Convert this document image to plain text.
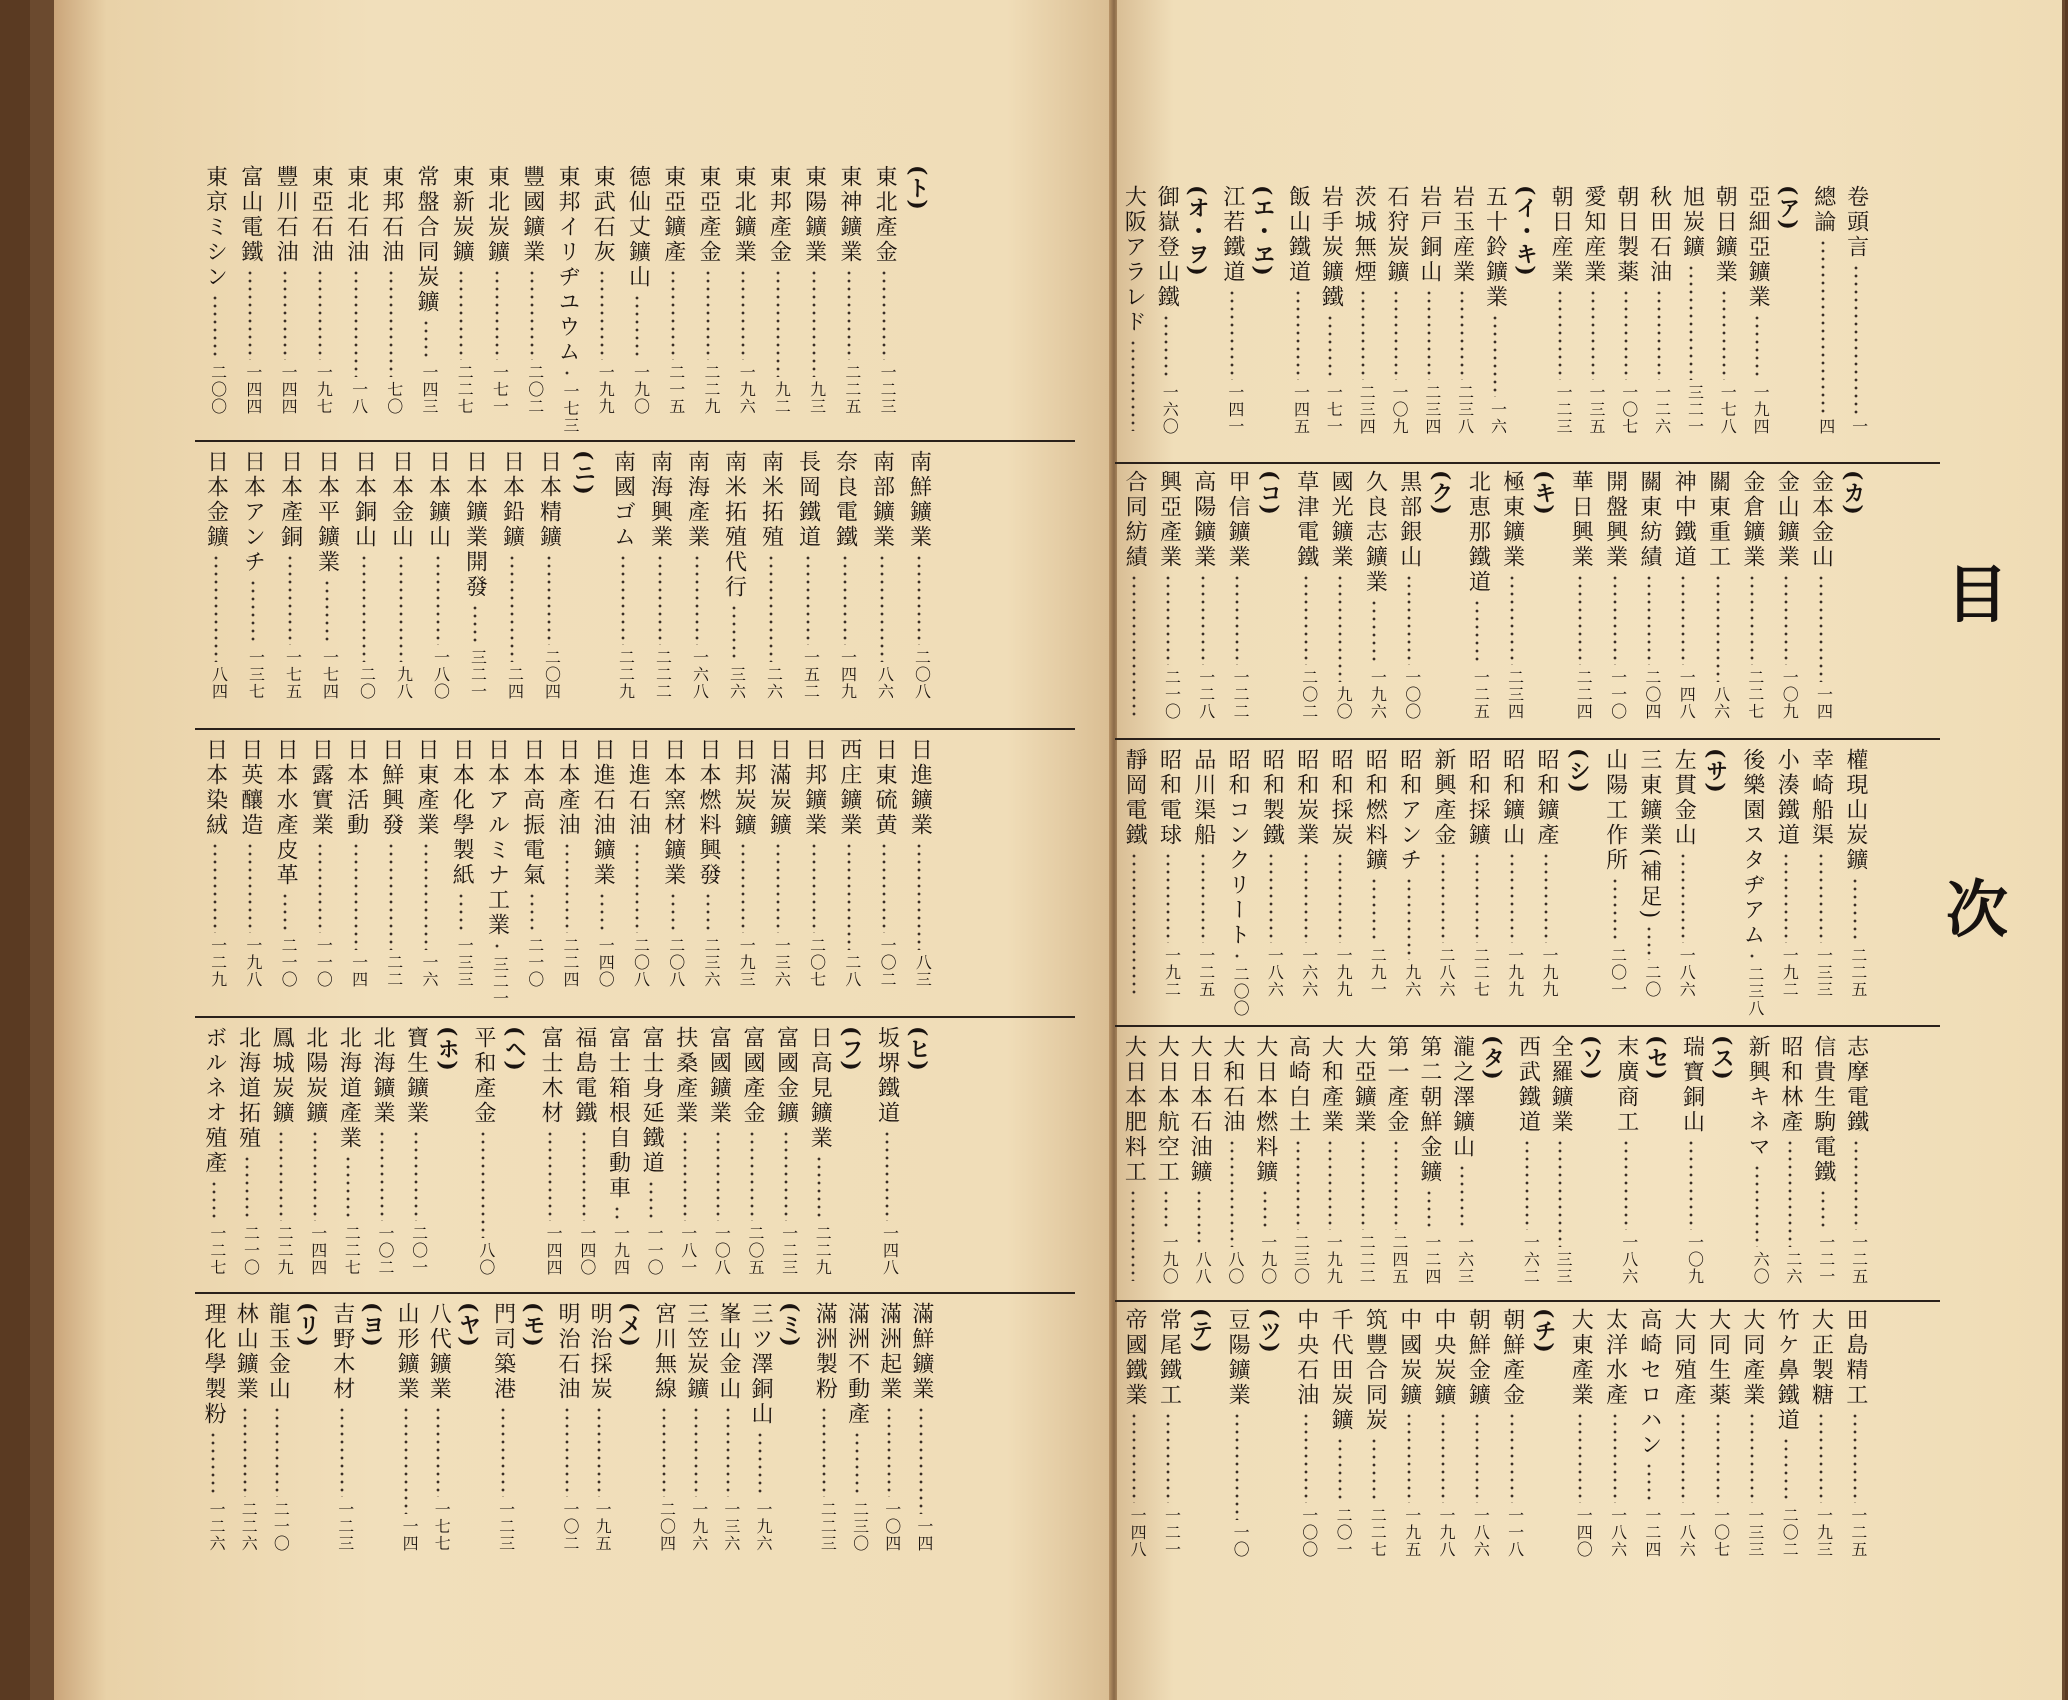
目
次
卷頭言
一
總論
四
(ア)
亞細亞鑛業
一九四
朝日鑛業
一七八
旭炭鑛
三二一
秋田石油
一二六
朝日製薬
一〇七
愛知産業
一三五
朝日産業
一二三
(イ・キ)
五十鈴鑛業
一六
岩玉産業
二三八
岩戸銅山
二三四
石狩炭鑛
一〇九
茨城無煙
二三四
岩手炭鑛鐵
一七一
飯山鐵道
一四五
(エ・ヱ)
江若鐵道
一四一
(オ・ヲ)
御嶽登山鐵
一六〇
大阪アラレド
(カ)
金本金山
一四
金山鑛業
一〇九
金倉鑛業
二二七
關東重工
八六
神中鐵道
一四八
關東紡績
二〇四
開盤興業
一一〇
華日興業
二二四
(キ)
極東鑛業
二三四
北恵那鐵道
一二五
(ク)
黒部銀山
一〇〇
久良志鑛業
一九六
國光鑛業
九〇
草津電鐵
二〇二
(コ)
甲信鑛業
一二二
高陽鑛業
一二八
興亞產業
二一〇
合同紡績
權現山炭鑛
二二五
幸崎船渠
一三三
小湊鐵道
一九二
後樂園スタヂアム
二三八
(サ)
左貫金山
一八六
三東鑛業(補足)
二〇
山陽工作所
二〇一
(シ)
昭和鑛產
一九九
昭和鑛山
一九九
昭和採鑛
二二七
新興產金
二八六
昭和アンチ
九六
昭和燃料鑛
二九一
昭和採炭
一九九
昭和炭業
一六六
昭和製鐵
一八六
昭和コンクリート
二〇〇
品川渠船
一二五
昭和電球
一九二
靜岡電鐵
志摩電鐵
一二五
信貴生駒電鐵
一二一
昭和林產
二六
新興キネマ
六〇
(ス)
瑞寶銅山
一〇九
(セ)
末廣商工
一八六
(ソ)
全羅鑛業
三三
西武鐵道
一六二
(タ)
瀧之澤鑛山
一六三
第二朝鮮金鑛
一二四
第一產金
二四五
大亞鑛業
二二二
大和產業
一九九
高崎白土
二三〇
大日本燃料鑛
一九〇
大和石油
八〇
大日本石油鑛
八八
大日本航空工
一九〇
大日本肥料工
田島精工
一二五
大正製糖
一九三
竹ケ鼻鐵道
二〇二
大同產業
一三三
大同生薬
一〇七
大同殖產
一八六
高崎セロハン
一二四
太洋水產
一八六
大東產業
一四〇
(チ)
朝鮮產金
一一八
朝鮮金鑛
一八六
中央炭鑛
一九八
中國炭鑛
一九五
筑豐合同炭
二二七
千代田炭鑛
二〇一
中央石油
一〇〇
(ツ)
豆陽鑛業
一〇
(テ)
常尾鐵工
一二一
帝國鐵業
一四八
(ト)
東北產金
一二三
東神鑛業
二二五
東陽鑛業
九三
東邦產金
九二
東北鑛業
一九六
東亞產金
二二九
東亞鑛產
二一五
德仙丈鑛山
一九〇
東武石灰
一九九
東邦イリヂユウム
一七三
豐國鑛業
二〇二
東北炭鑛
一七一
東新炭鑛
二二七
常盤合同炭鑛
一四三
東邦石油
七〇
東北石油
一八
東亞石油
一九七
豐川石油
一四四
富山電鐵
一四四
東京ミシン
二〇〇
南鮮鑛業
二〇八
南部鑛業
八六
奈良電鐵
一四九
長岡鐵道
一五二
南米拓殖
二六
南米拓殖代行
三六
南海產業
一六八
南海興業
二二二
南國ゴム
二二九
(ニ)
日本精鑛
二〇四
日本鉛鑛
二四
日本鑛業開發
三二一
日本鑛山
一八〇
日本金山
九八
日本銅山
二〇
日本平鑛業
一七四
日本產銅
一七五
日本アンチ
一三七
日本金鑛
八四
日進鑛業
八三
日東硫黄
一〇二
西庄鑛業
二八
日邦鑛業
二〇七
日滿炭鑛
一三六
日邦炭鑛
一九三
日本燃料興發
二三六
日本窯材鑛業
二〇八
日進石油
二〇八
日進石油鑛業
一四〇
日本產油
二二四
日本高振電氣
二一〇
日本アルミナ工業
三二一
日本化學製紙
一三三
日東產業
一六
日鮮興發
二二
日本活動
一四
日露實業
一一〇
日本水產皮革
二一〇
日英釀造
一九八
日本染絨
一二九
(ヒ)
坂堺鐵道
一四八
(フ)
日高見鑛業
二二九
富國金鑛
一二三
富國產金
二〇五
富國鑛業
一〇八
扶桑產業
一八一
富士身延鐵道
一一〇
富士箱根自動車
一九四
福島電鐵
一四〇
富士木材
一四四
(ヘ)
平和產金
八〇
(ホ)
寶生鑛業
二〇一
北海鑛業
一〇二
北海道產業
二二七
北陽炭鑛
一四四
鳳城炭鑛
二二九
北海道拓殖
二一〇
ボルネオ殖產
一二七
滿鮮鑛業
一四
滿洲起業
一〇四
滿洲不動產
二三〇
滿洲製粉
二二三
(ミ)
三ツ澤銅山
一九六
峯山金山
一三六
三笠炭鑛
一九六
宮川無線
二〇四
(メ)
明治採炭
一九五
明治石油
一〇二
(モ)
門司築港
一二三
(ヤ)
八代鑛業
一七七
山形鑛業
一四
(ヨ)
吉野木材
一二三
(リ)
龍玉金山
二一〇
林山鑛業
二二六
理化學製粉
一二六
